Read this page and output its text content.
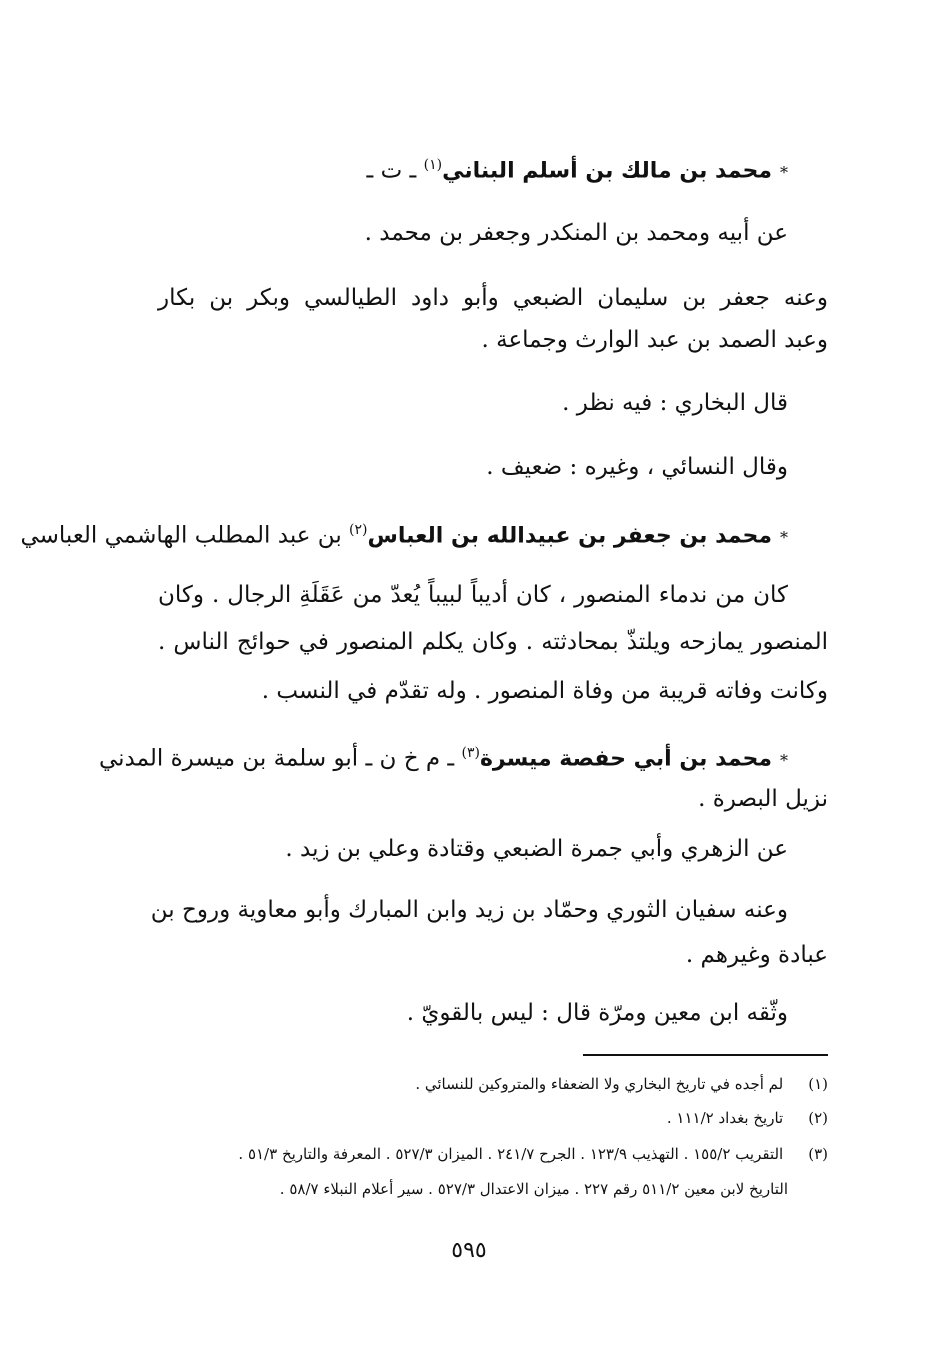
*محمد بن مالك بن أسلم البناني$^{(١)}$ ـ ت ـ
عن أبيه ومحمد بن المنكدر وجعفر بن محمد .
وعنه جعفر بن سليمان الضبعي وأبو داود الطيالسي وبكر بن بكار
وعبد الصمد بن عبد الوارث وجماعة .
قال البخاري : فيه نظر .
وقال النسائي ، وغيره : ضعيف .
*محمد بن جعفر بن عبيدالله بن العباس$^{(٢)}$ بن عبد المطلب الهاشمي العباسي
كان من ندماء المنصور ، كان أديباً لبيباً يُعدّ من عَقَلَةِ الرجال . وكان
المنصور يمازحه ويلتذّ بمحادثته . وكان يكلم المنصور في حوائج الناس .
وكانت وفاته قريبة من وفاة المنصور . وله تقدّم في النسب .
*محمد بن أبي حفصة ميسرة$^{(٣)}$ ـ م خ ن ـ أبو سلمة بن ميسرة المدني
نزيل البصرة .
عن الزهري وأبي جمرة الضبعي وقتادة وعلي بن زيد .
وعنه سفيان الثوري وحمّاد بن زيد وابن المبارك وأبو معاوية وروح بن
عبادة وغيرهم .
وثّقه ابن معين ومرّة قال : ليس بالقويّ .
(١) لم أجده في تاريخ البخاري ولا الضعفاء والمتروكين للنسائي .
(٢) تاريخ بغداد ١١١/٢ .
(٣) التقريب ١٥٥/٢ . التهذيب ١٢٣/٩ . الجرح ٢٤١/٧ . الميزان ٥٢٧/٣ . المعرفة والتاريخ ٥١/٣ .
التاريخ لابن معين ٥١١/٢ رقم ٢٢٧ . ميزان الاعتدال ٥٢٧/٣ . سير أعلام النبلاء ٥٨/٧ .
٥٩٥
